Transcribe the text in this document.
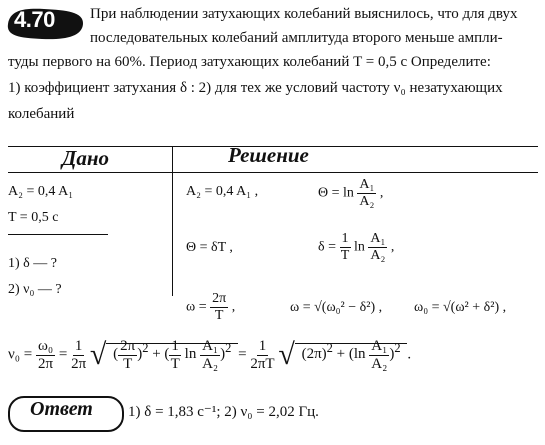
4.70 При наблюдении затухающих колебаний выяснилось, что для двух
последовательных колебаний амплитуда второго меньше ампли-
туды первого на 60%. Период затухающих колебаний T = 0,5 с Определите:
1) коэффициент затухания δ : 2) для тех же условий частоту ν₀ незатухающих
колебаний
Дано	Решение
A₂ = 0,4 A₁
T = 0,5 с
1) δ — ?
2) ν₀ — ?
A₂ = 0,4 A₁ ,	$\Theta = \ln \frac{\text{A₁}}{\text{A₂}}$ ,
Θ = δT ,	$\delta = \frac{1}{T}$ $\ln \frac{\text{A₁}}{\text{A₂}}$ ,
$\omega = \frac{2\pi}{T}$ ,	ω = √(ω₀² − δ²) , ω₀ = √(ω² + δ²) ,
$\nu_0 = \frac{\text{ω₀}}{2\pi} = \frac{1}{2\pi}$ √ ( $\frac{2\pi}{T} )^2$ + ( $\frac{1}{T}$ $\ln \frac{\text{A₁}}{\text{A₂}} )^2 = \frac{1}{2\pi T}$ √ $(2\pi)^2 + (\ln \frac{\text{A₁}}{\text{A₂}} )^2$ .
Ответ 1) δ = 1,83 с⁻¹; 2) ν₀ = 2,02 Гц.
